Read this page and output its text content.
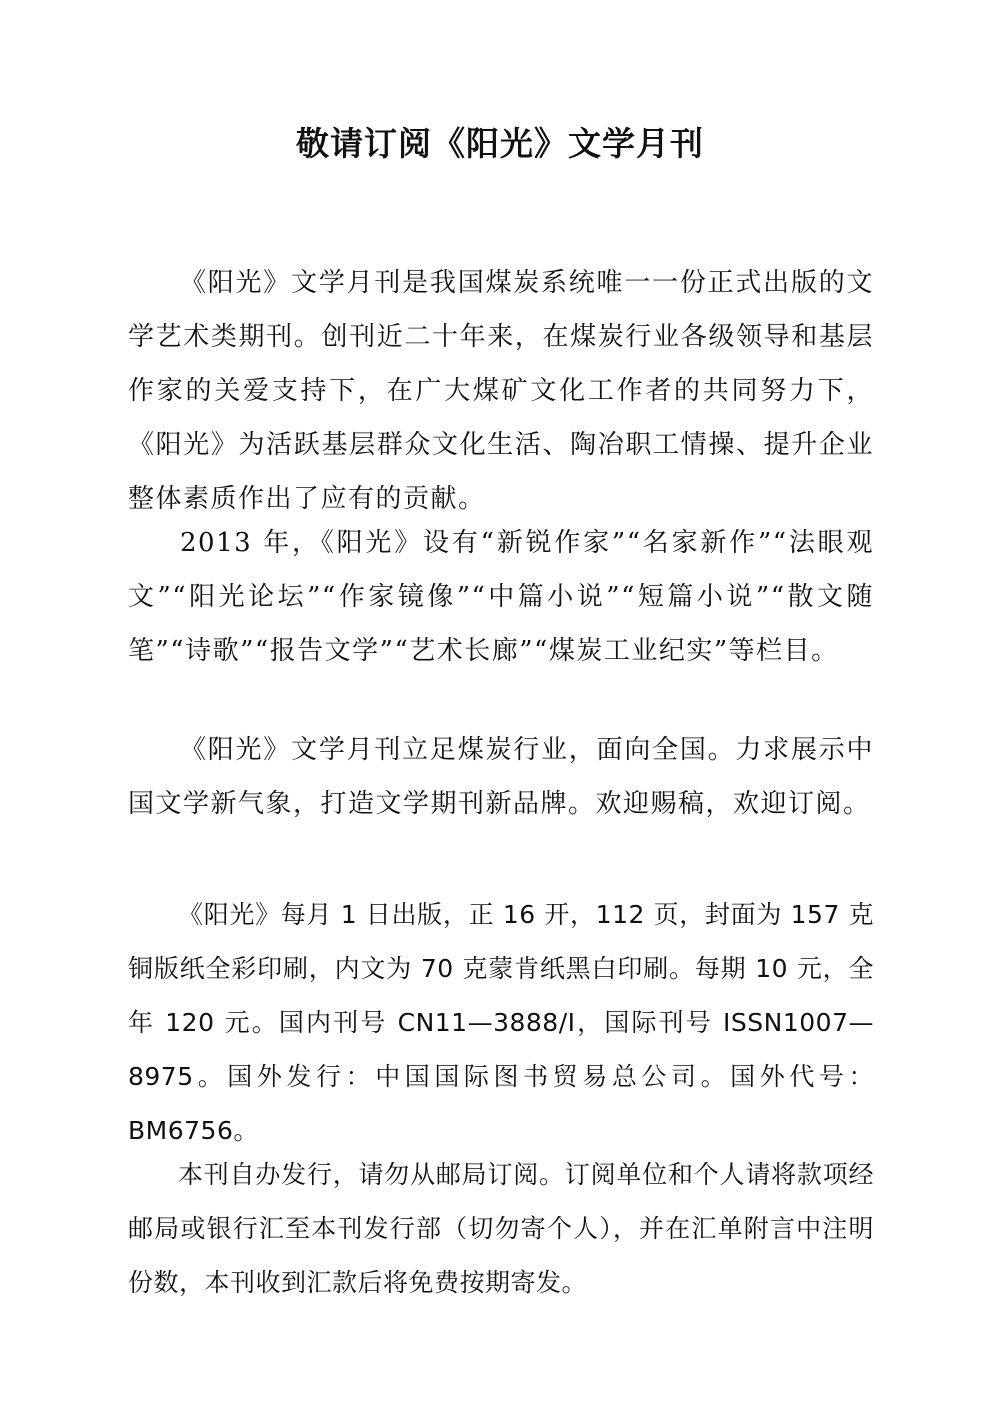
敬请订阅《阳光》文学月刊

《阳光》文学月刊是我国煤炭系统唯一一份正式出版的文学艺术类期刊。创刊近二十年来，在煤炭行业各级领导和基层作家的关爱支持下，在广大煤矿文化工作者的共同努力下，《阳光》为活跃基层群众文化生活、陶冶职工情操、提升企业整体素质作出了应有的贡献。

2013 年，《阳光》设有“新锐作家”“名家新作”“法眼观文”“阳光论坛”“作家镜像”“中篇小说”“短篇小说”“散文随笔”“诗歌”“报告文学”“艺术长廊”“煤炭工业纪实”等栏目。

《阳光》文学月刊立足煤炭行业，面向全国。力求展示中国文学新气象，打造文学期刊新品牌。欢迎赐稿，欢迎订阅。

《阳光》每月 1 日出版，正 16 开，112 页，封面为 157 克铜版纸全彩印刷，内文为 70 克蒙肯纸黑白印刷。每期 10 元，全年 120 元。国内刊号 CN11—3888/I，国际刊号 ISSN1007—8975。国外发行：中国国际图书贸易总公司。国外代号：BM6756。

本刊自办发行，请勿从邮局订阅。订阅单位和个人请将款项经邮局或银行汇至本刊发行部（切勿寄个人），并在汇单附言中注明份数，本刊收到汇款后将免费按期寄发。
